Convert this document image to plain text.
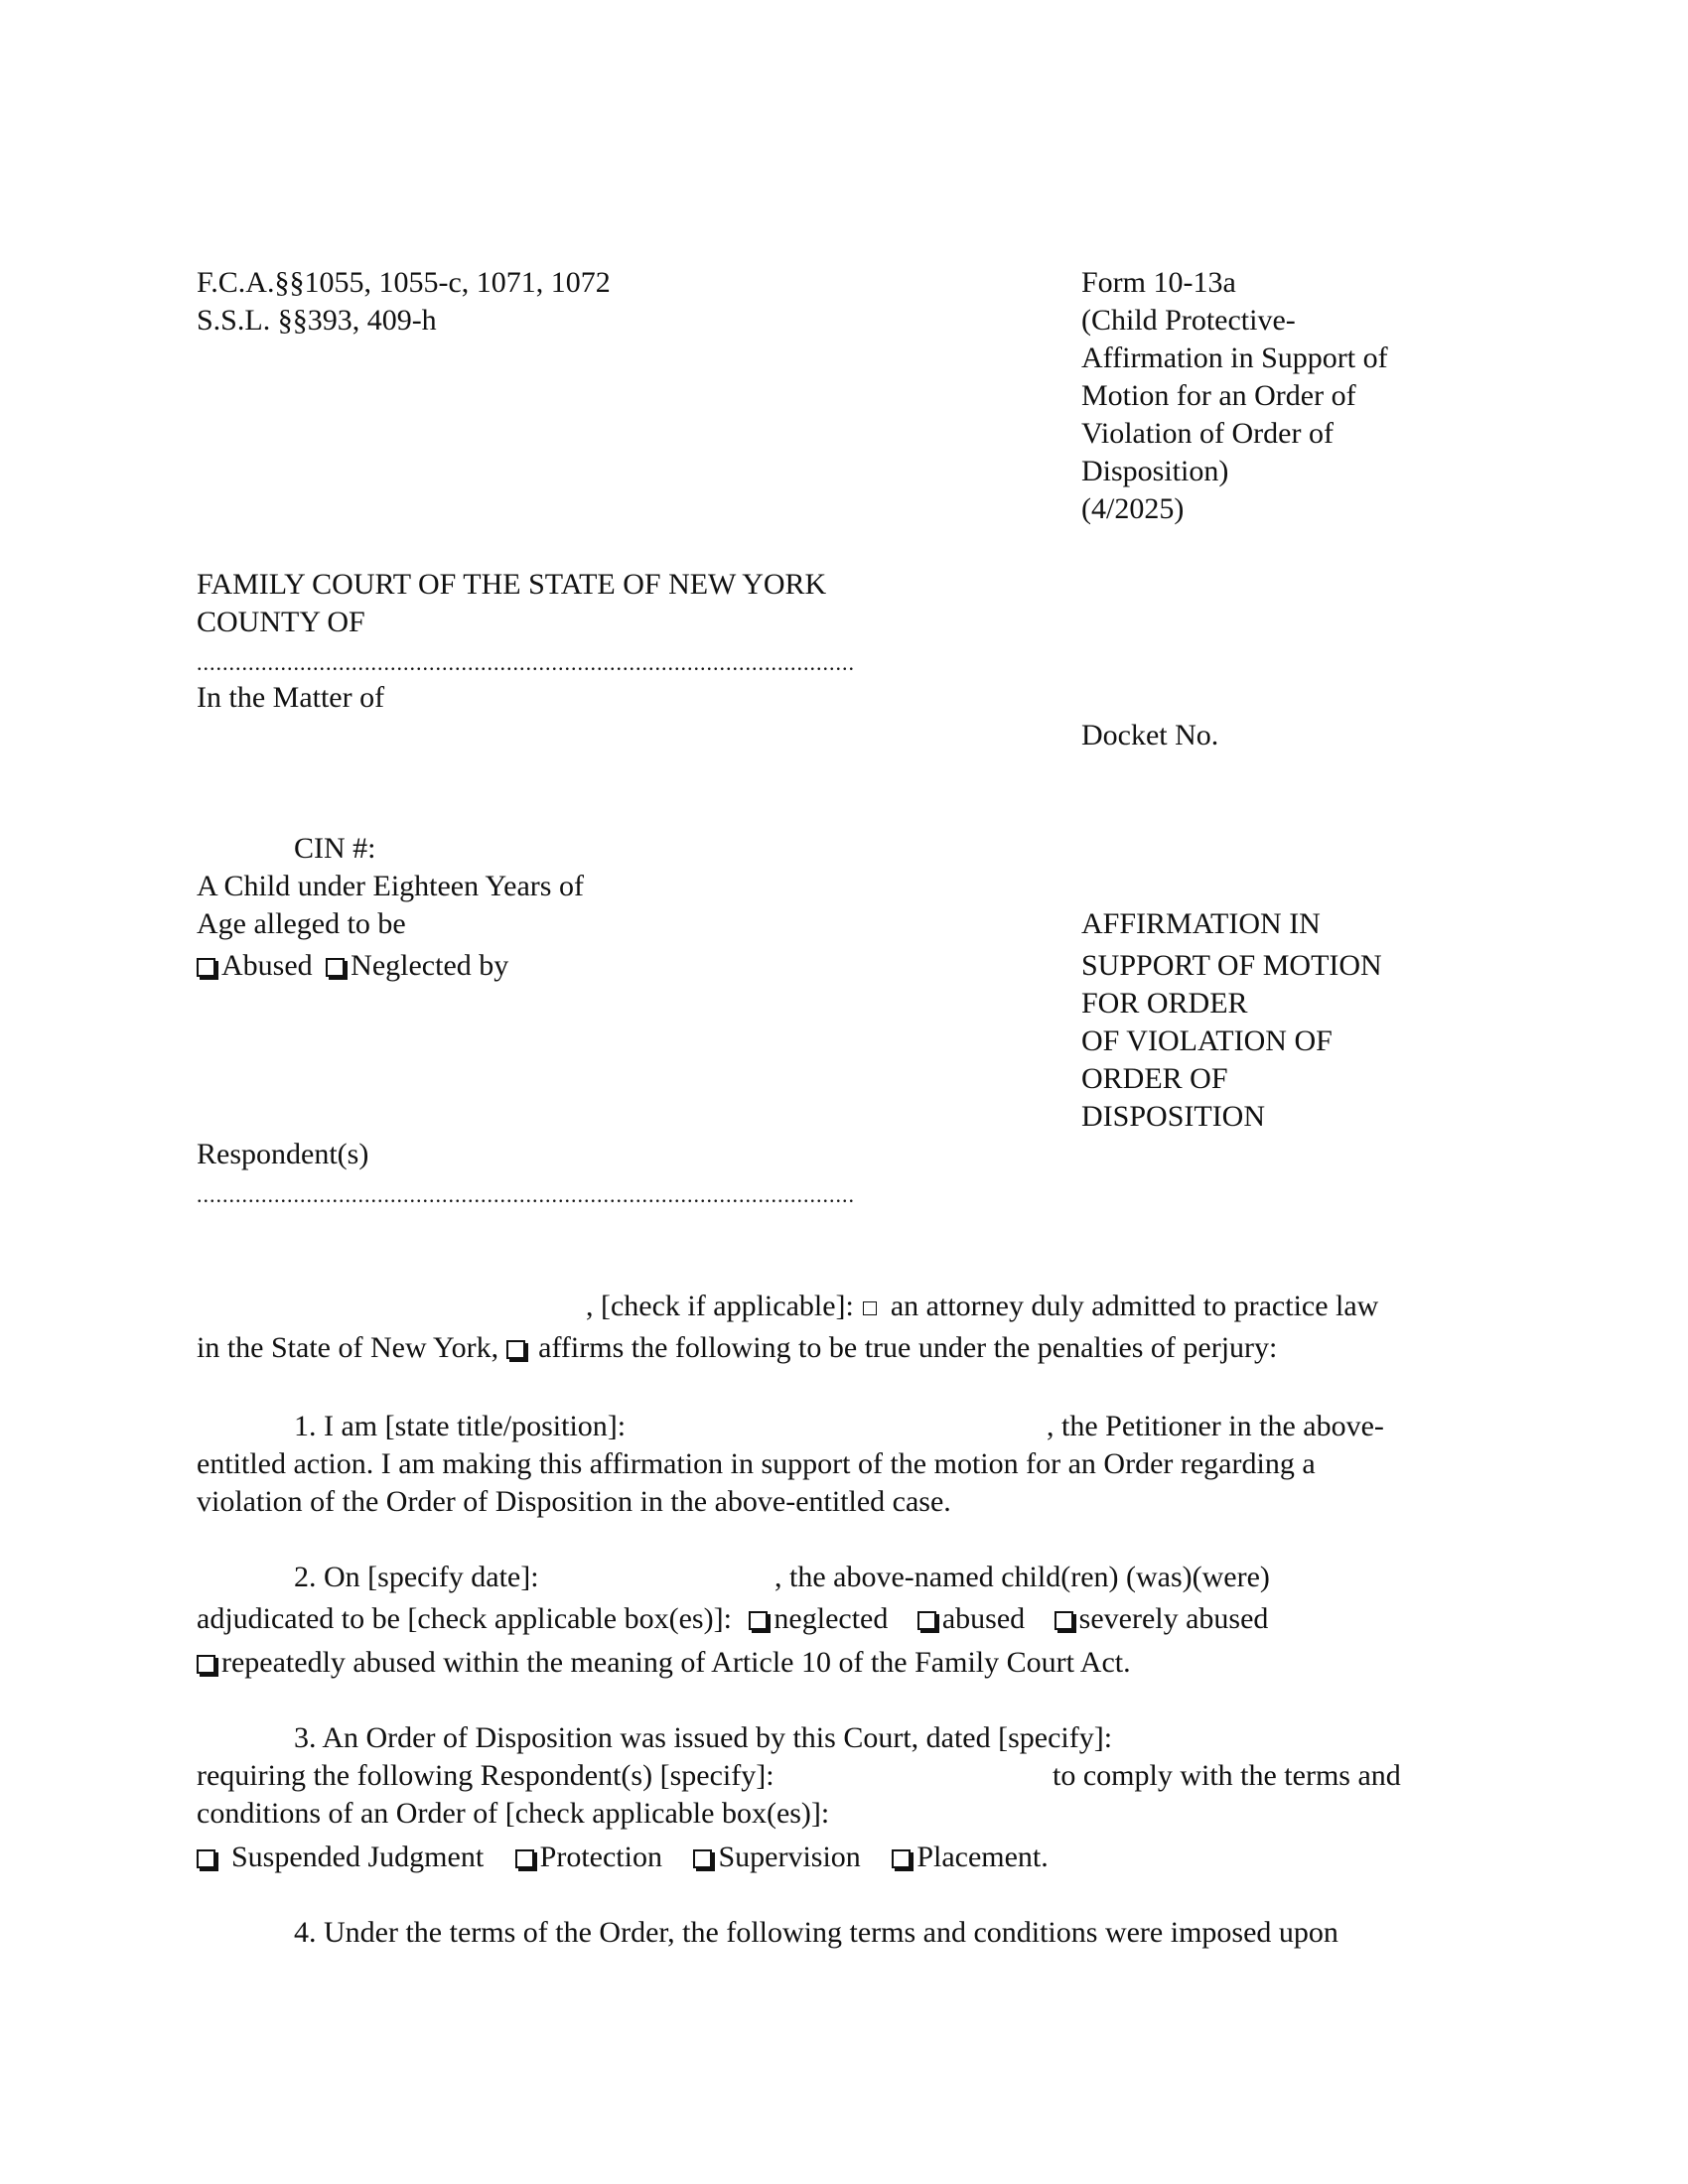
F.C.A.§§1055, 1055-c, 1071, 1072
S.S.L. §§393, 409-h
Form 10-13a
(Child Protective-
Affirmation in Support of
Motion for an Order of
Violation of Order of
Disposition)
(4/2025)
FAMILY COURT OF THE STATE OF NEW YORK
COUNTY OF
......................................................................................................
In the Matter of
Docket No.
CIN #:
A Child under Eighteen Years of
Age alleged to be
Abused Neglected by
AFFIRMATION IN
SUPPORT OF MOTION
FOR ORDER
OF VIOLATION OF
ORDER OF
DISPOSITION
Respondent(s)
......................................................................................................
, [check if applicable]:  an attorney duly admitted to practice law
in the State of New York,  affirms the following to be true under the penalties of perjury:
1. I am [state title/position]:	, the Petitioner in the above-
entitled action. I am making this affirmation in support of the motion for an Order regarding a
violation of the Order of Disposition in the above-entitled case.
2. On [specify date]:	, the above-named child(ren) (was)(were)
adjudicated to be [check applicable box(es)]: neglected abused severely abused
repeatedly abused within the meaning of Article 10 of the Family Court Act.
3. An Order of Disposition was issued by this Court, dated [specify]:
requiring the following Respondent(s) [specify]:	to comply with the terms and
conditions of an Order of [check applicable box(es)]:
Suspended Judgment Protection Supervision Placement.
4. Under the terms of the Order, the following terms and conditions were imposed upon
